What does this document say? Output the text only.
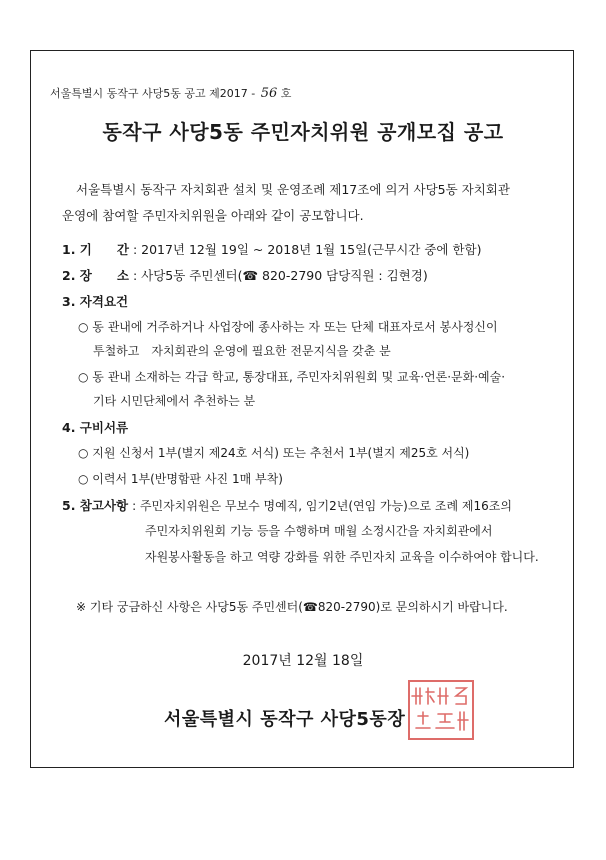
서울특별시 동작구 사당5동 공고 제2017 - 56 호
동작구 사당5동 주민자치위원 공개모집 공고
서울특별시 동작구 자치회관 설치 및 운영조례 제17조에 의거 사당5동 자치회관
운영에 참여할 주민자치위원을 아래와 같이 공모합니다.
1. 기　　간 : 2017년 12월 19일 ~ 2018년 1월 15일(근무시간 중에 한함)
2. 장　　소 : 사당5동 주민센터(☎ 820-2790 담당직원 : 김현경)
3. 자격요건
○ 동 관내에 거주하거나 사업장에 종사하는 자 또는 단체 대표자로서 봉사정신이
투철하고　자치회관의 운영에 필요한 전문지식을 갖춘 분
○ 동 관내 소재하는 각급 학교, 통장대표, 주민자치위원회 및 교육·언론·문화·예술·
기타 시민단체에서 추천하는 분
4. 구비서류
○ 지원 신청서 1부(별지 제24호 서식) 또는 추천서 1부(별지 제25호 서식)
○ 이력서 1부(반명함판 사진 1매 부착)
5. 참고사항 : 주민자치위원은 무보수 명예직, 임기2년(연임 가능)으로 조례 제16조의
주민자치위원회 기능 등을 수행하며 매월 소정시간을 자치회관에서
자원봉사활동을 하고 역량 강화를 위한 주민자치 교육을 이수하여야 합니다.
※ 기타 궁금하신 사항은 사당5동 주민센터(☎820-2790)로 문의하시기 바랍니다.
2017년 12월 18일
서울특별시 동작구 사당5동장
